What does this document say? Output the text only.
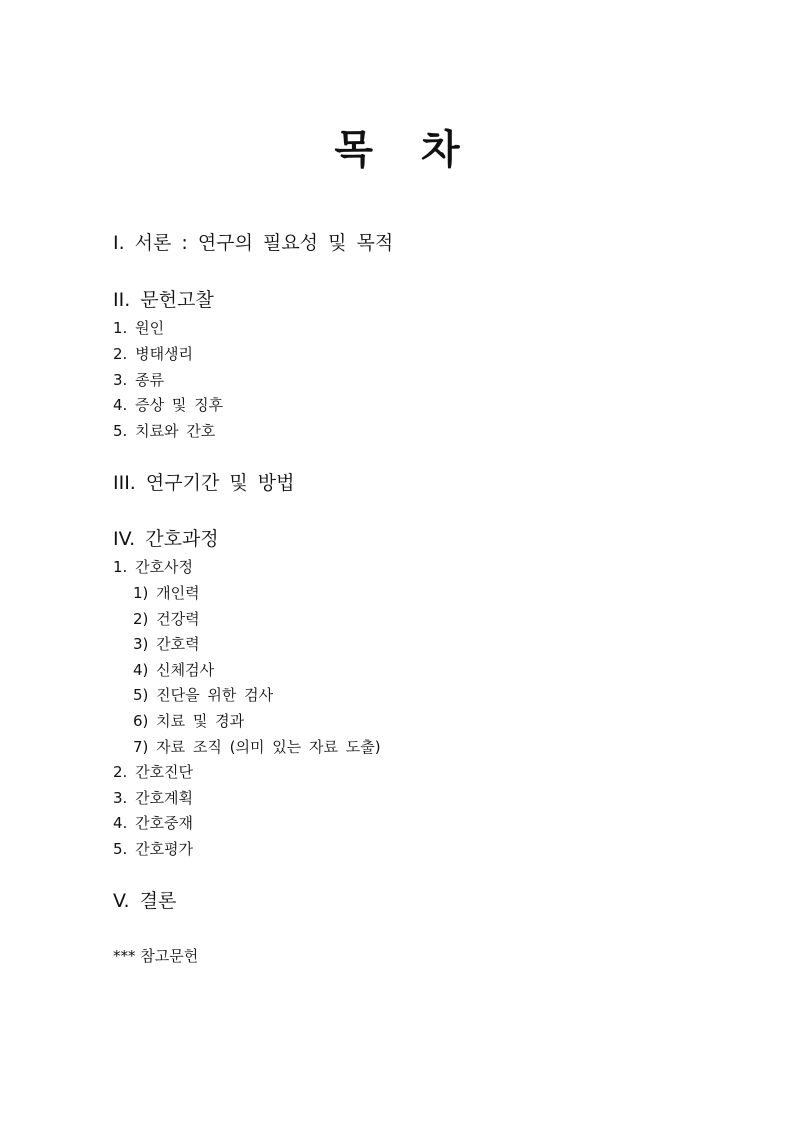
목 차
I. 서론 : 연구의 필요성 및 목적
II. 문헌고찰
1. 원인
2. 병태생리
3. 종류
4. 증상 및 징후
5. 치료와 간호
III. 연구기간 및 방법
IV. 간호과정
1. 간호사정
1) 개인력
2) 건강력
3) 간호력
4) 신체검사
5) 진단을 위한 검사
6) 치료 및 경과
7) 자료 조직 (의미 있는 자료 도출)
2. 간호진단
3. 간호계획
4. 간호중재
5. 간호평가
V. 결론
*** 참고문헌
